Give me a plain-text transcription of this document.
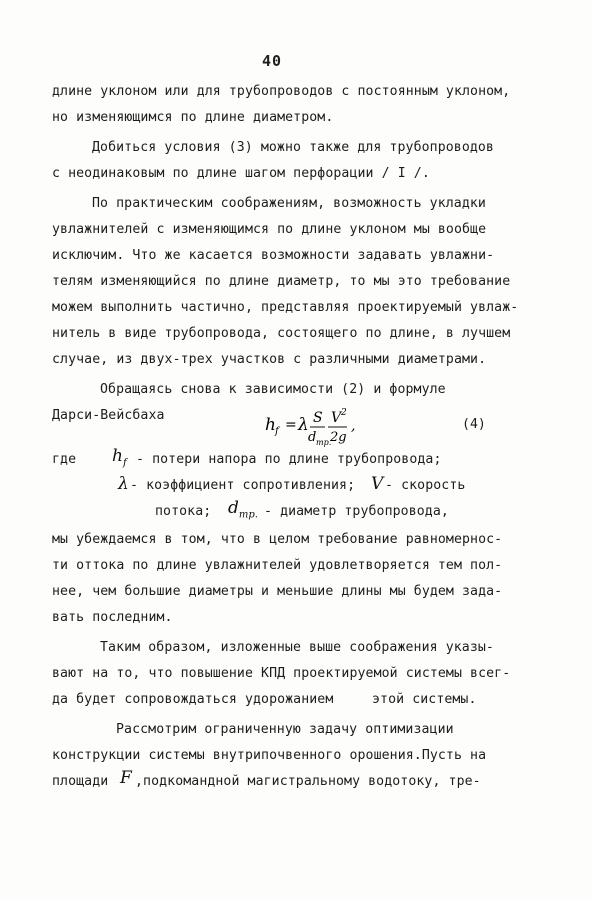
40
длине уклоном или для трубопроводов с постоянным уклоном,
но изменяющимся по длине диаметром.
Добиться условия (3) можно также для трубопроводов
с неодинаковым по длине шагом перфорации / I /.
По практическим соображениям, возможность укладки
увлажнителей с изменяющимся по длине уклоном мы вообще
исключим. Что же касается возможности задавать увлажни-
телям изменяющийся по длине диаметр, то мы это требование
можем выполнить частично, представляя проектируемый увлаж-
нитель в виде трубопровода, состоящего по длине, в лучшем
случае, из двух-трех участков с различными диаметрами.
Обращаясь снова к зависимости (2) и формуле
Дарси-Вейсбаха	h f = λ S
d тр.
V 2
2g
,	(4)
где $h_f$ - потери напора по длине трубопровода;
λ - коэффициент сопротивления; V - скорость
потока; $d_{тр.}$ - диаметр трубопровода,
мы убеждаемся в том, что в целом требование равномернос-
ти оттока по длине увлажнителей удовлетворяется тем пол-
нее, чем большие диаметры и меньшие длины мы будем зада-
вать последним.
Таким образом, изложенные выше соображения указы-
вают на то, что повышение КПД проектируемой системы всег-
да будет сопровождаться удорожанием	этой системы.
Рассмотрим ограниченную задачу оптимизации
конструкции системы внутрипочвенного орошения.Пусть на
площади F ,подкомандной магистральному водотоку, тре-
